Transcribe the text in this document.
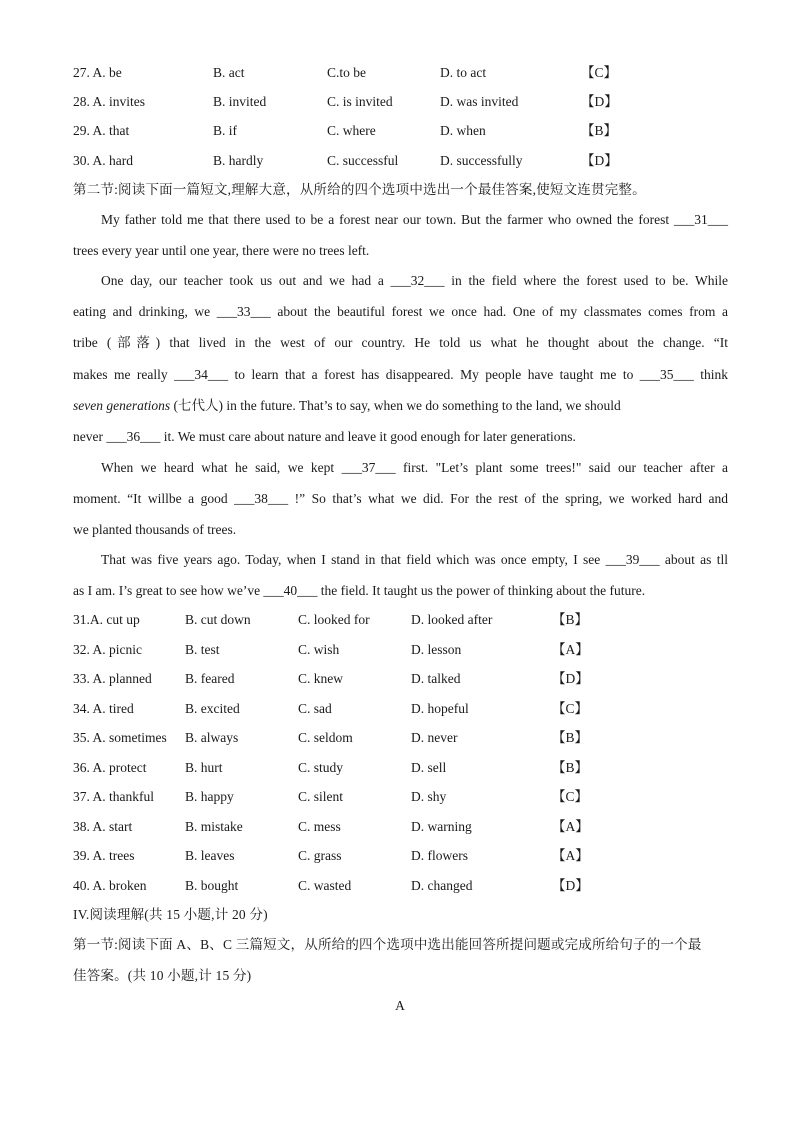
27. A. be	B. act	C.to be	D. to act	【C】
28. A. invites	B. invited	C. is invited	D. was invited	【D】
29. A. that	B. if	C. where	D. when	【B】
30. A. hard	B. hardly	C. successful	D. successfully	【D】
第二节:阅读下面一篇短文,理解大意，从所给的四个选项中选出一个最佳答案,使短文连贯完整。
My father told me that there used to be a forest near our town. But the farmer who owned the forest ___31___
trees every year until one year, there were no trees left.
One day, our teacher took us out and we had a ___32___ in the field where the forest used to be. While
eating and drinking, we ___33___ about the beautiful forest we once had. One of my classmates comes from a
tribe (部落) that lived in the west of our country. He told us what he thought about the change. “It
makes me really ___34___ to learn that a forest has disappeared. My people have taught me to ___35___ think
seven generations (七代人) in the future. That’s to say, when we do something to the land, we should
never ___36___ it. We must care about nature and leave it good enough for later generations.
When we heard what he said, we kept ___37___ first. "Let’s plant some trees!" said our teacher after a
moment. “It willbe a good ___38___ !” So that’s what we did. For the rest of the spring, we worked hard and
we planted thousands of trees.
That was five years ago. Today, when I stand in that field which was once empty, I see ___39___ about as tll
as I am. I’s great to see how we’ve ___40___ the field. It taught us the power of thinking about the future.
31.A. cut up	B. cut down	C. looked for	D. looked after	【B】
32. A. picnic	B. test	C. wish	D. lesson	【A】
33. A. planned B. feared	C. knew	D. talked	【D】
34. A. tired	B. excited	C. sad	D. hopeful	【C】
35. A. sometimes B. always	C. seldom	D. never	【B】
36. A. protect	B. hurt	C. study	D. sell	【B】
37. A. thankful B. happy	C. silent	D. shy	【C】
38. A. start	B. mistake	C. mess	D. warning	【A】
39. A. trees	B. leaves	C. grass	D. flowers	【A】
40. A. broken	B. bought	C. wasted	D. changed	【D】
IV.阅读理解(共 15 小题,计 20 分)
第一节:阅读下面 A、B、C 三篇短文，从所给的四个选项中选出能回答所提问题或完成所给句子的一个最
佳答案。(共 10 小题,计 15 分)
A
